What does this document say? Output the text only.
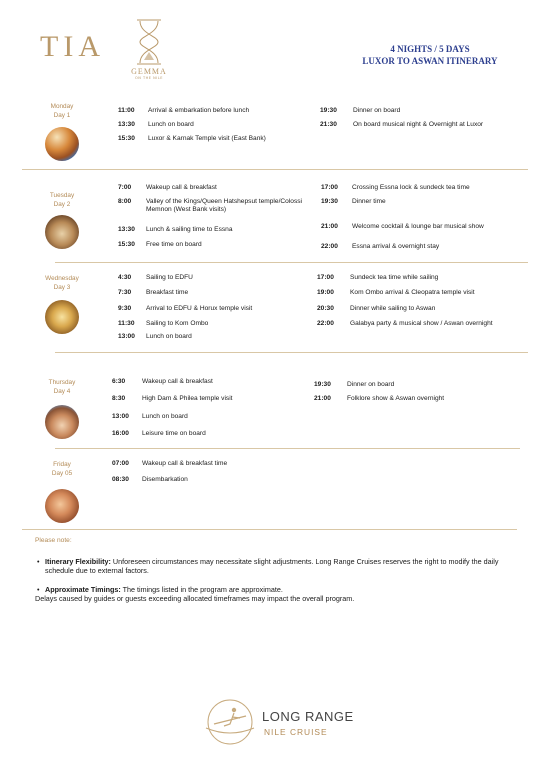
TIA
GEMMA
ON THE NILE
4 NIGHTS / 5 DAYS
LUXOR TO ASWAN ITINERARY
Monday
Day 1
11:00 Arrival & embarkation before lunch
13:30 Lunch on board
15:30 Luxor & Karnak Temple visit (East Bank)
19:30 Dinner on board
21:30 On board musical night & Overnight at Luxor
Tuesday
Day 2
7:00 Wakeup call & breakfast
8:00 Valley of the Kings/Queen Hatshepsut temple/Colossi Memnon (West Bank visits)
13:30 Lunch & sailing time to Essna
15:30 Free time on board
17:00 Crossing Essna lock & sundeck tea time
19:30 Dinner time
21:00 Welcome cocktail & lounge bar musical show
22:00 Essna arrival & overnight stay
Wednesday
Day 3
4:30 Sailing to EDFU
7:30 Breakfast time
9:30 Arrival to EDFU & Horux temple visit
11:30 Sailing to Kom Ombo
13:00 Lunch on board
17:00 Sundeck tea time while sailing
19:00 Kom Ombo arrival & Cleopatra temple visit
20:30 Dinner while sailing to Aswan
22:00 Galabya party & musical show / Aswan overnight
Thursday
Day 4
6:30	Wakeup call & breakfast
8:30	High Dam & Philea temple visit
13:00 Lunch on board
16:00 Leisure time on board
19:30 Dinner on board
21:00 Folklore show & Aswan overnight
Friday
Day 05
07:00 Wakeup call & breakfast time
08:30 Disembarkation
Please note:
• Itinerary Flexibility: Unforeseen circumstances may necessitate slight adjustments. Long Range Cruises reserves the right to modify the daily schedule due to external factors.
• Approximate Timings: The timings listed in the program are approximate.
Delays caused by guides or guests exceeding allocated timeframes may impact the overall program.
LONG RANGE
NILE CRUISE
